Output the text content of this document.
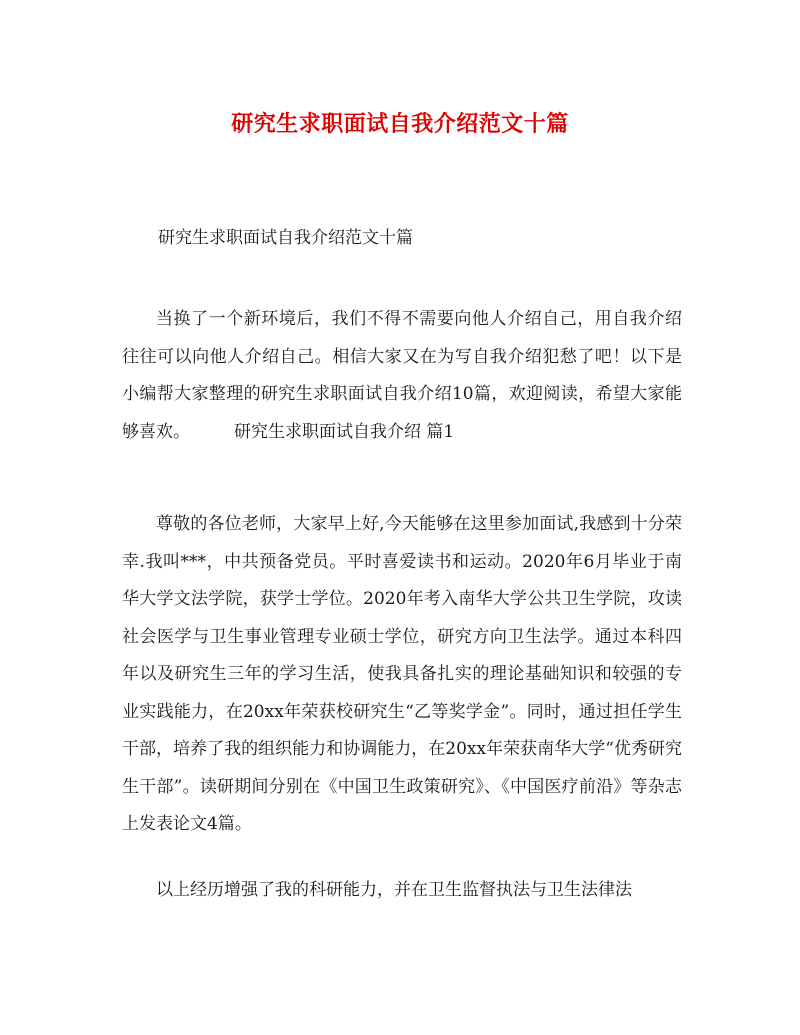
研究生求职面试自我介绍范文十篇
研究生求职面试自我介绍范文十篇

当换了一个新环境后，我们不得不需要向他人介绍自己，用自我介绍往往可以向他人介绍自己。相信大家又在为写自我介绍犯愁了吧！以下是小编帮大家整理的研究生求职面试自我介绍10篇，欢迎阅读，希望大家能够喜欢。	研究生求职面试自我介绍 篇1

尊敬的各位老师，大家早上好,今天能够在这里参加面试,我感到十分荣幸.我叫***，中共预备党员。平时喜爱读书和运动。2020年6月毕业于南华大学文法学院，获学士学位。2020年考入南华大学公共卫生学院，攻读社会医学与卫生事业管理专业硕士学位，研究方向卫生法学。通过本科四年以及研究生三年的学习生活，使我具备扎实的理论基础知识和较强的专业实践能力，在20xx年荣获校研究生“乙等奖学金”。同时，通过担任学生干部，培养了我的组织能力和协调能力，在20xx年荣获南华大学“优秀研究生干部”。读研期间分别在《中国卫生政策研究》、《中国医疗前沿》等杂志上发表论文4篇。

以上经历增强了我的科研能力，并在卫生监督执法与卫生法律法
